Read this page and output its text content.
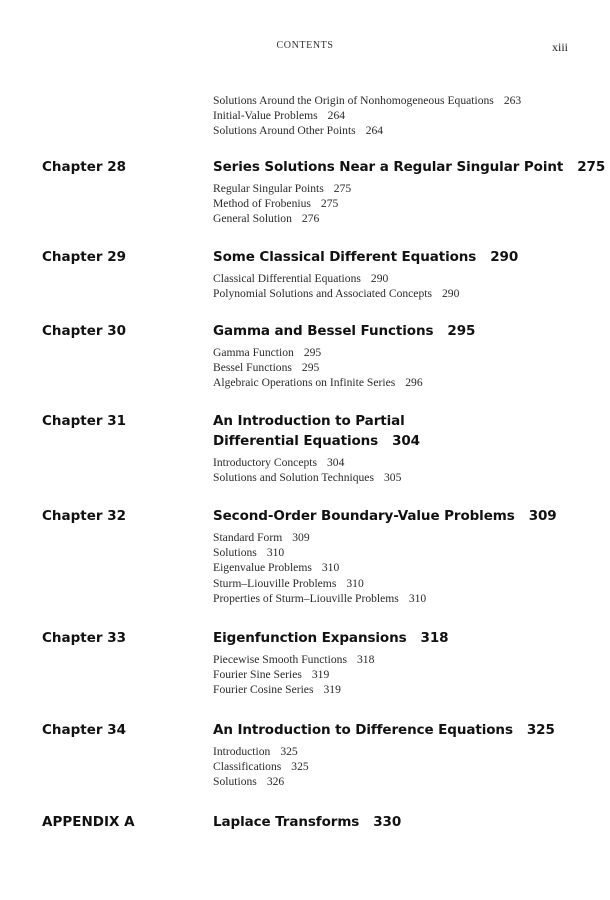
CONTENTS	xiii
Solutions Around the Origin of Nonhomogeneous Equations 263
Initial-Value Problems 264
Solutions Around Other Points 264
Chapter 28	Series Solutions Near a Regular Singular Point 275
Regular Singular Points 275
Method of Frobenius 275
General Solution 276
Chapter 29	Some Classical Different Equations 290
Classical Differential Equations 290
Polynomial Solutions and Associated Concepts 290
Chapter 30	Gamma and Bessel Functions 295
Gamma Function 295
Bessel Functions 295
Algebraic Operations on Infinite Series 296
Chapter 31	An Introduction to Partial
Differential Equations 304
Introductory Concepts 304
Solutions and Solution Techniques 305
Chapter 32	Second-Order Boundary-Value Problems 309
Standard Form 309
Solutions 310
Eigenvalue Problems 310
Sturm–Liouville Problems 310
Properties of Sturm–Liouville Problems 310
Chapter 33	Eigenfunction Expansions 318
Piecewise Smooth Functions 318
Fourier Sine Series 319
Fourier Cosine Series 319
Chapter 34	An Introduction to Difference Equations 325
Introduction 325
Classifications 325
Solutions 326
APPENDIX A	Laplace Transforms 330
